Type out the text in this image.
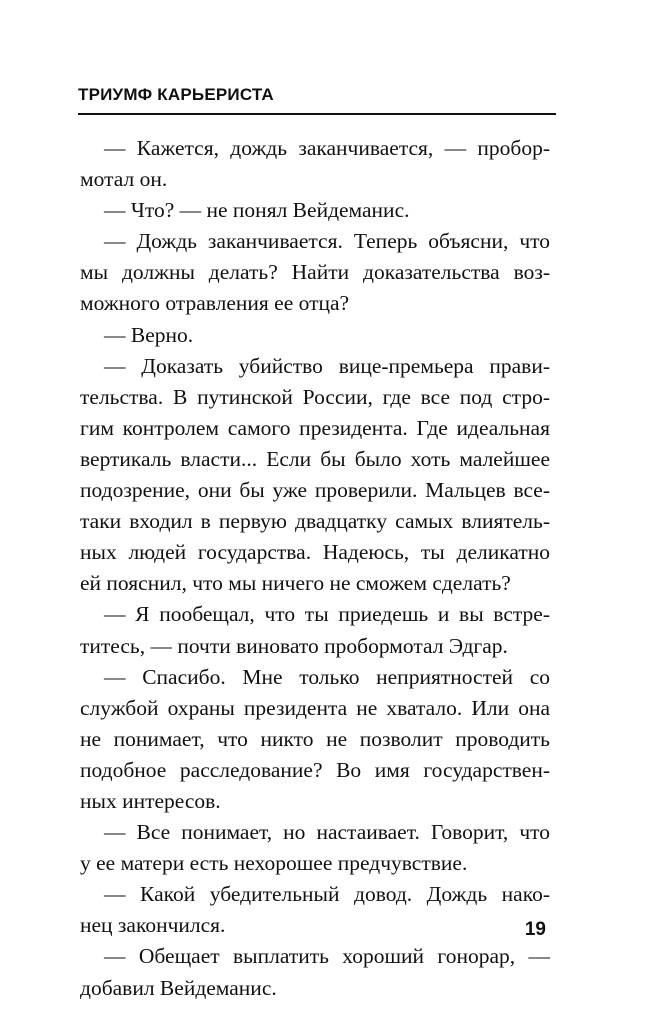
ТРИУМФ КАРЬЕРИСТА
— Кажется, дождь заканчивается, — пробор-
мотал он.
— Что? — не понял Вейдеманис.
— Дождь заканчивается. Теперь объясни, что
мы должны делать? Найти доказательства воз-
можного отравления ее отца?
— Верно.
— Доказать убийство вице-премьера прави-
тельства. В путинской России, где все под стро-
гим контролем самого президента. Где идеальная
вертикаль власти... Если бы было хоть малейшее
подозрение, они бы уже проверили. Мальцев все-
таки входил в первую двадцатку самых влиятель-
ных людей государства. Надеюсь, ты деликатно
ей пояснил, что мы ничего не сможем сделать?
— Я пообещал, что ты приедешь и вы встре-
титесь, — почти виновато пробормотал Эдгар.
— Спасибо. Мне только неприятностей со
службой охраны президента не хватало. Или она
не понимает, что никто не позволит проводить
подобное расследование? Во имя государствен-
ных интересов.
— Все понимает, но настаивает. Говорит, что
у ее матери есть нехорошее предчувствие.
— Какой убедительный довод. Дождь нако-
нец закончился.
— Обещает выплатить хороший гонорар, —
добавил Вейдеманис.
19
